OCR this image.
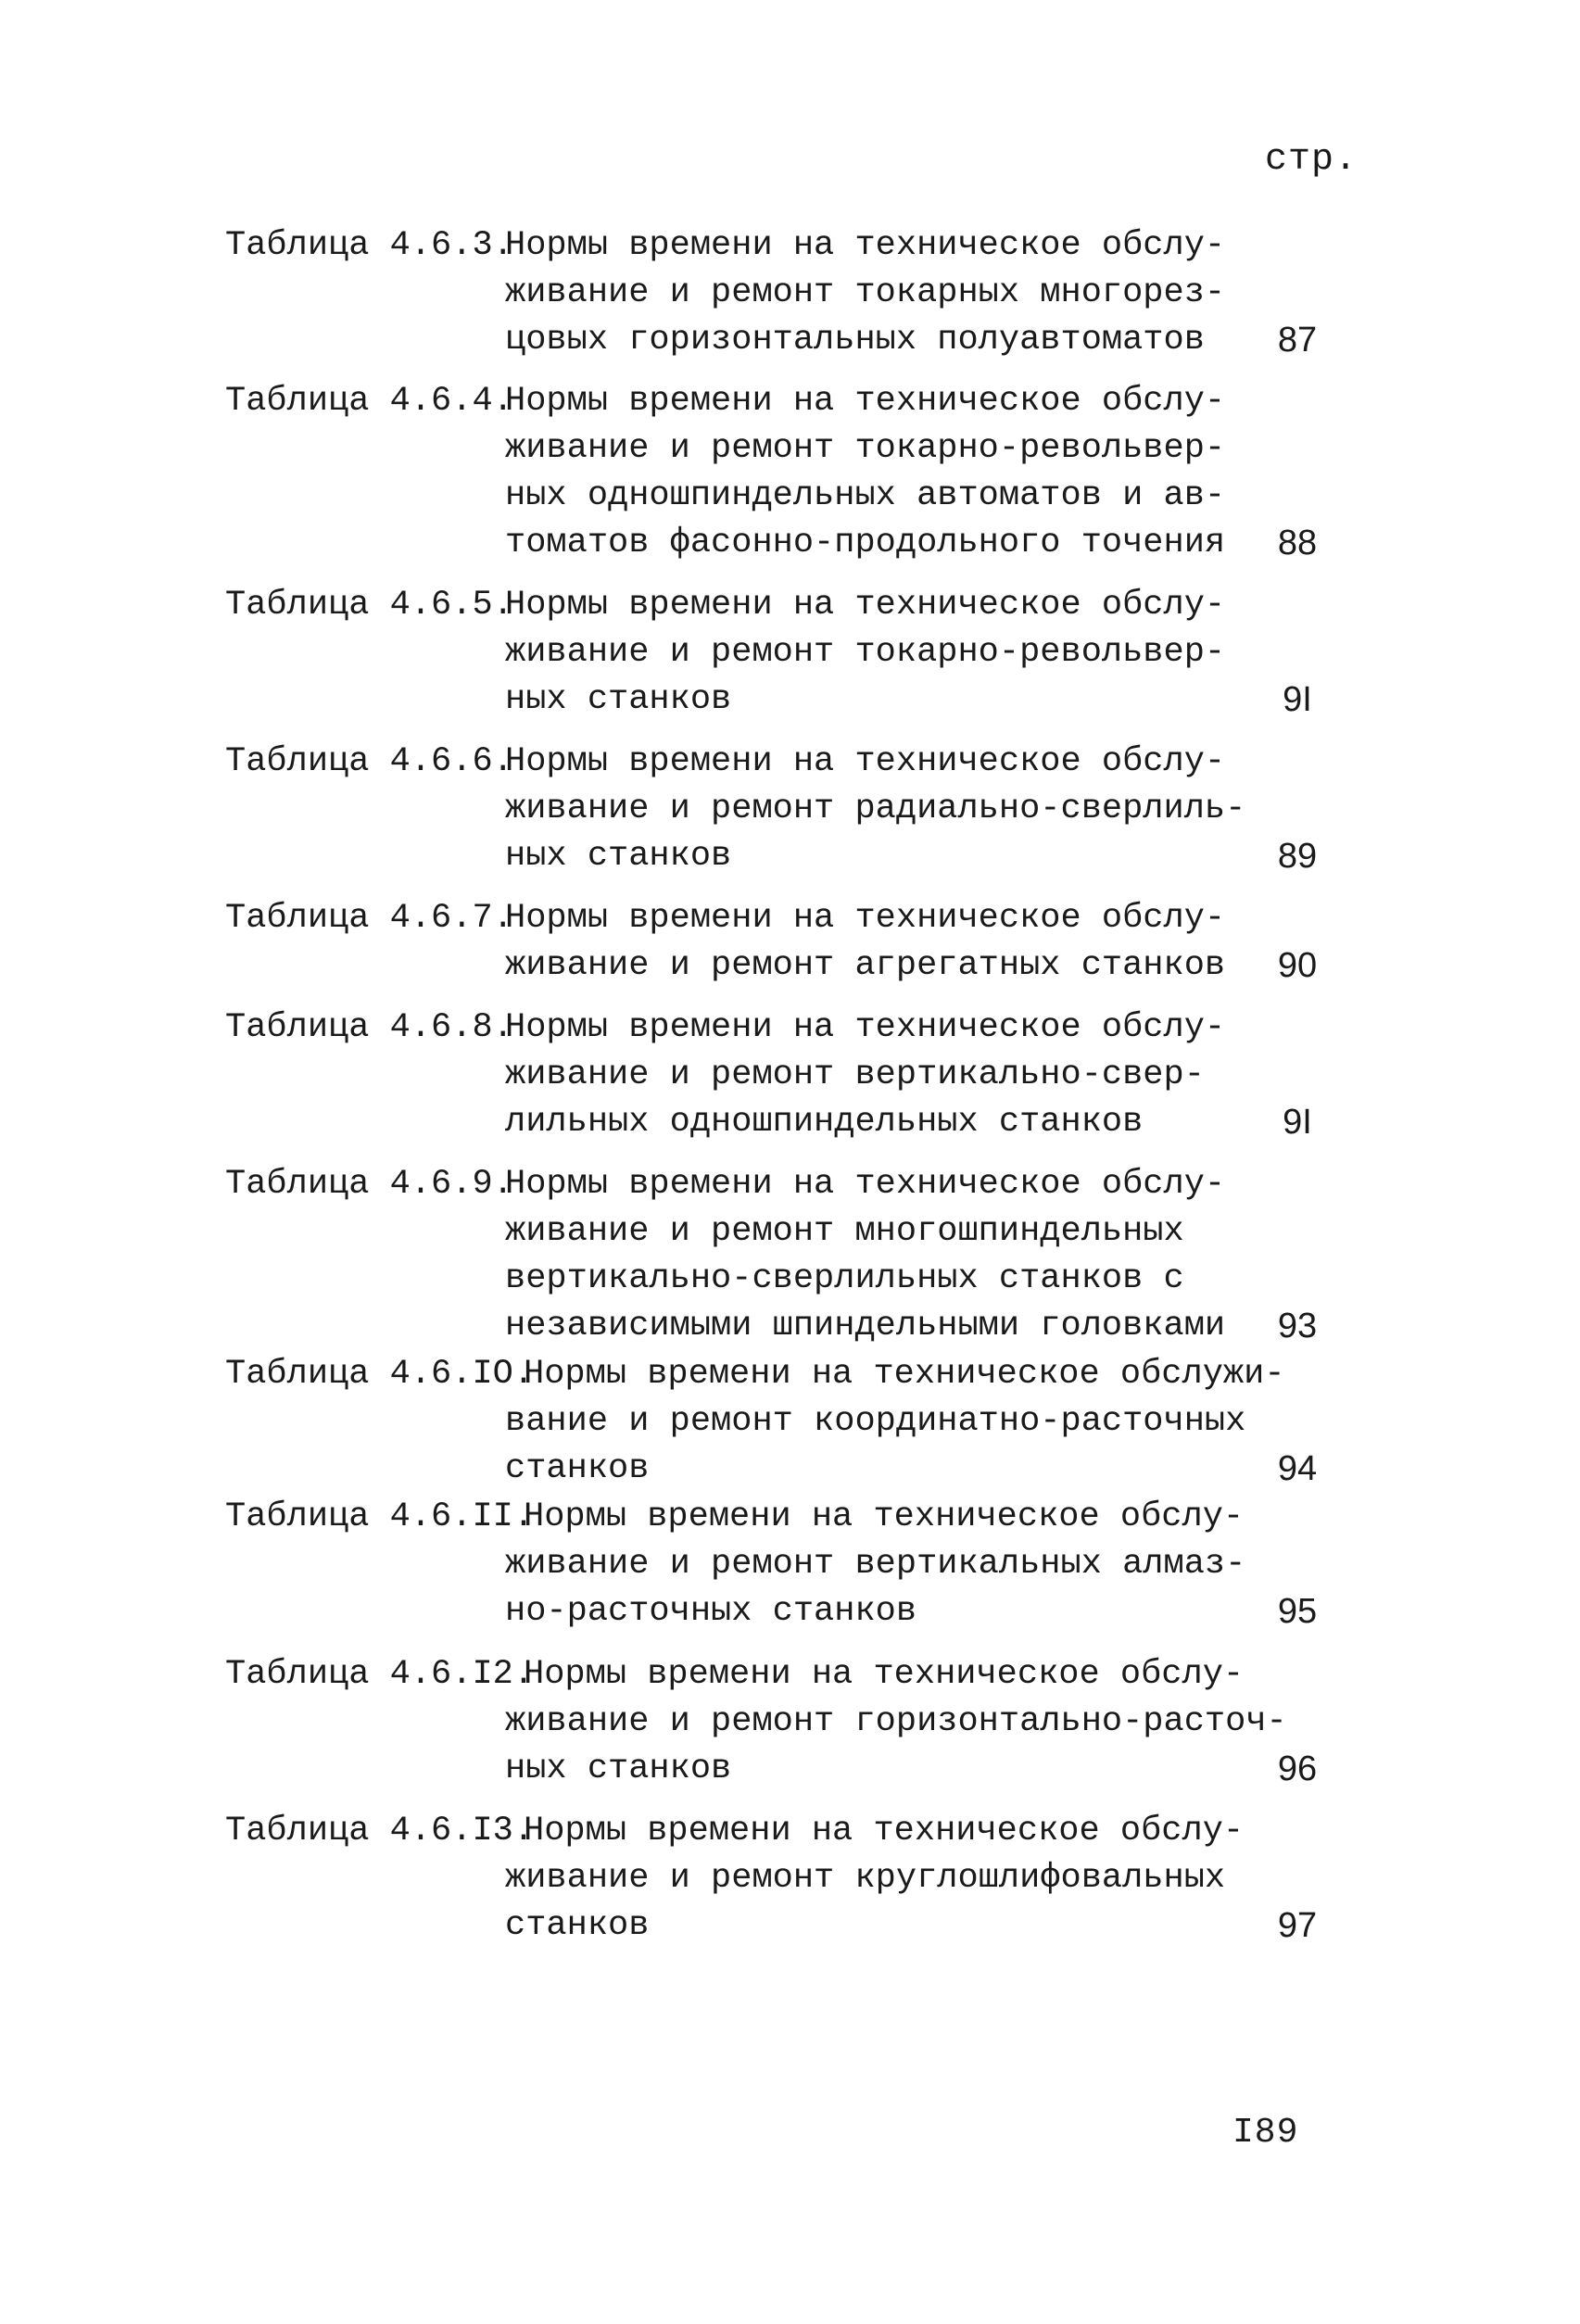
стр.
Таблица 4.6.3.
Нормы времени на техническое обслу-
живание и ремонт токарных многорез-
цовых горизонтальных полуавтоматов	87
Таблица 4.6.4.
Нормы времени на техническое обслу-
живание и ремонт токарно-револьвер-
ных одношпиндельных автоматов и ав-
томатов фасонно-продольного точения	88
Таблица 4.6.5.
Нормы времени на техническое обслу-
живание и ремонт токарно-револьвер-
ных станков	9I
Таблица 4.6.6.
Нормы времени на техническое обслу-
живание и ремонт радиально-сверлиль-
ных станков	89
Таблица 4.6.7.
Нормы времени на техническое обслу-
живание и ремонт агрегатных станков	90
Таблица 4.6.8.
Нормы времени на техническое обслу-
живание и ремонт вертикально-свер-
лильных одношпиндельных станков	9I
Таблица 4.6.9.
Нормы времени на техническое обслу-
живание и ремонт многошпиндельных
вертикально-сверлильных станков с
независимыми шпиндельными головками	93
Таблица 4.6.IO.
Нормы времени на техническое обслужи-
вание и ремонт координатно-расточных
станков	94
Таблица 4.6.II.
Нормы времени на техническое обслу-
живание и ремонт вертикальных алмаз-
но-расточных станков	95
Таблица 4.6.I2.
Нормы времени на техническое обслу-
живание и ремонт горизонтально-расточ-
ных станков	96
Таблица 4.6.I3.
Нормы времени на техническое обслу-
живание и ремонт круглошлифовальных
станков	97
I89
